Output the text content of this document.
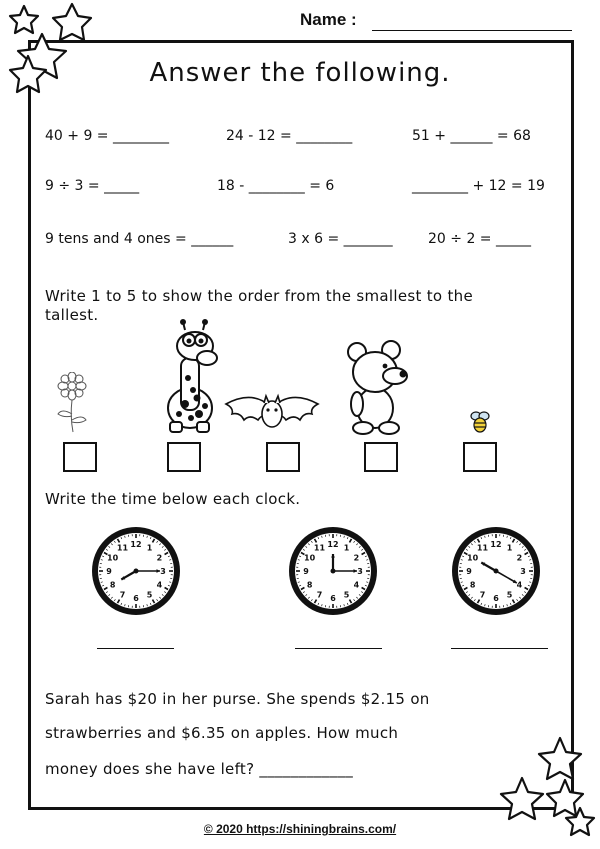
Name :
Answer the following.
40 + 9 = ________	24 - 12 = ________	51 + ______ = 68
9 ÷ 3 = _____	18 - ________ = 6	________ + 12 = 19
9 tens and 4 ones = ______	3 x 6 = _______	20 ÷ 2 = _____
Write 1 to 5 to show the order from the smallest to the
tallest.
Write the time below each clock.
12 1
2
3
4
5
6
7
8
9
10
11	12 1
2
3
4
5
6
7
8
9
10
11	12 1
2
3
4
5
6
7
8
9
10
11
Sarah has $20 in her purse. She spends $2.15 on
strawberries and $6.35 on apples. How much
money does she have left? ____________
© 2020 https://shiningbrains.com/
